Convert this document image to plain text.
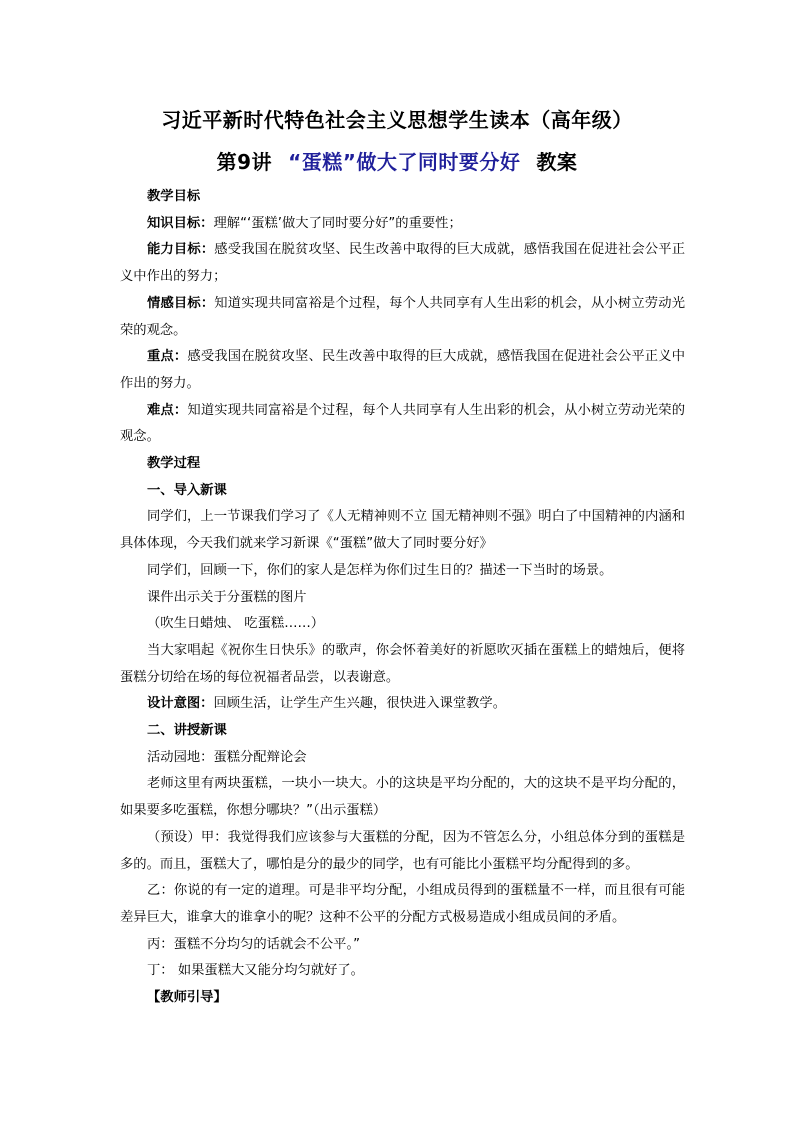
习近平新时代特色社会主义思想学生读本（高年级）
第9讲 “蛋糕”做大了同时要分好 教案

教学目标

知识目标：理解“‘蛋糕’做大了同时要分好”的重要性；

能力目标：感受我国在脱贫攻坚、民生改善中取得的巨大成就，感悟我国在促进社会公平正义中作出的努力；

情感目标：知道实现共同富裕是个过程，每个人共同享有人生出彩的机会，从小树立劳动光荣的观念。

重点：感受我国在脱贫攻坚、民生改善中取得的巨大成就，感悟我国在促进社会公平正义中作出的努力。

难点：知道实现共同富裕是个过程，每个人共同享有人生出彩的机会，从小树立劳动光荣的观念。

教学过程

一、导入新课

同学们，上一节课我们学习了《人无精神则不立 国无精神则不强》明白了中国精神的内涵和具体体现，今天我们就来学习新课《“蛋糕”做大了同时要分好》

同学们，回顾一下，你们的家人是怎样为你们过生日的？描述一下当时的场景。

课件出示关于分蛋糕的图片

（吹生日蜡烛、 吃蛋糕……）

当大家唱起《祝你生日快乐》的歌声，你会怀着美好的祈愿吹灭插在蛋糕上的蜡烛后，便将蛋糕分切给在场的每位祝福者品尝，以表谢意。

设计意图：回顾生活，让学生产生兴趣，很快进入课堂教学。

二、讲授新课

活动园地：蛋糕分配辩论会

老师这里有两块蛋糕，一块小一块大。小的这块是平均分配的，大的这块不是平均分配的，如果要多吃蛋糕，你想分哪块？”（出示蛋糕）

（预设）甲：我觉得我们应该参与大蛋糕的分配，因为不管怎么分，小组总体分到的蛋糕是多的。而且，蛋糕大了，哪怕是分的最少的同学，也有可能比小蛋糕平均分配得到的多。

乙：你说的有一定的道理。可是非平均分配，小组成员得到的蛋糕量不一样，而且很有可能差异巨大，谁拿大的谁拿小的呢？这种不公平的分配方式极易造成小组成员间的矛盾。

丙：蛋糕不分均匀的话就会不公平。”

丁： 如果蛋糕大又能分均匀就好了。

【教师引导】
